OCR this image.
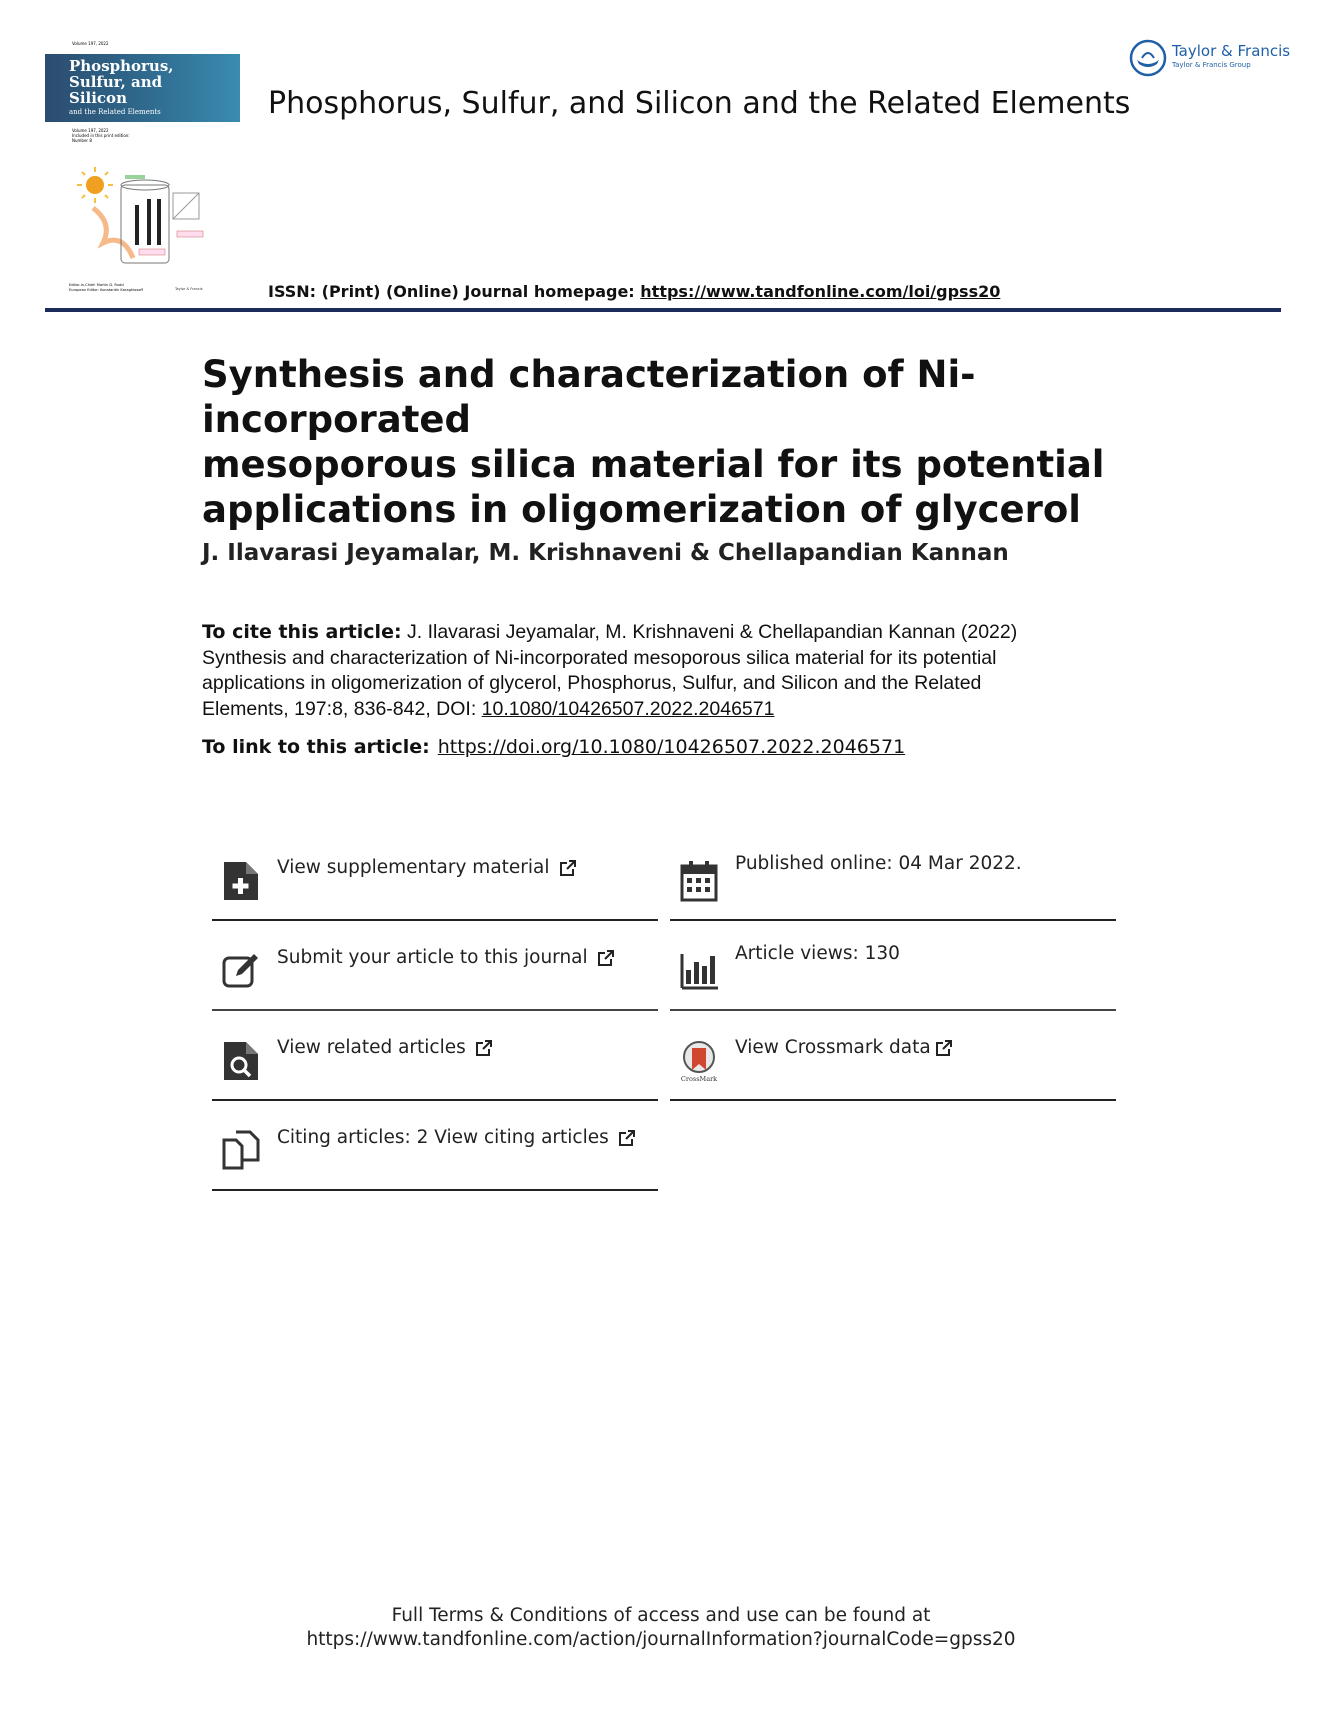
Volume 197, 2022
Phosphorus,
Sulfur, and
Silicon
and the Related Elements
Volume 197, 2022
Included in this print edition:
Number 8
Editor-in-Chief: Martin D. Rudd
European Editor: Konstantin Karaghiosoff	Taylor & Francis
Phosphorus, Sulfur, and Silicon and the Related Elements
ISSN: (Print) (Online) Journal homepage: https://www.tandfonline.com/loi/gpss20
Taylor & Francis
Taylor & Francis Group
Synthesis and characterization of Ni-incorporated
mesoporous silica material for its potential
applications in oligomerization of glycerol
J. Ilavarasi Jeyamalar, M. Krishnaveni & Chellapandian Kannan
To cite this article: J. Ilavarasi Jeyamalar, M. Krishnaveni & Chellapandian Kannan (2022)
Synthesis and characterization of Ni-incorporated mesoporous silica material for its potential
applications in oligomerization of glycerol, Phosphorus, Sulfur, and Silicon and the Related
Elements, 197:8, 836-842, DOI: 10.1080/10426507.2022.2046571
To link to this article: https://doi.org/10.1080/10426507.2022.2046571
View supplementary material
Submit your article to this journal
View related articles
Citing articles: 2 View citing articles
Published online: 04 Mar 2022.
Article views: 130
CrossMark
View Crossmark data
Full Terms & Conditions of access and use can be found at
https://www.tandfonline.com/action/journalInformation?journalCode=gpss20
